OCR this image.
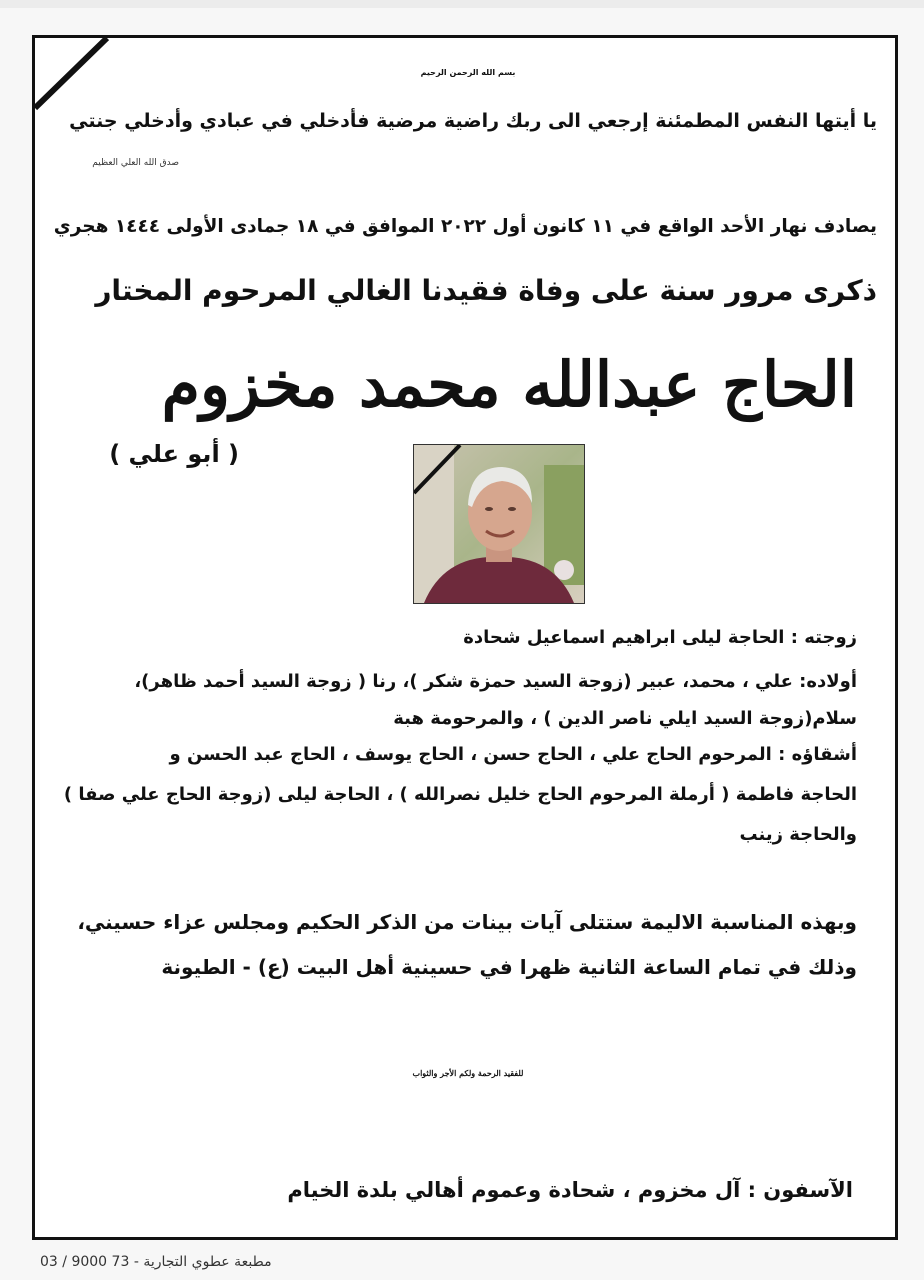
بسم الله الرحمن الرحيم
يا أيتها النفس المطمئنة إرجعي الى ربك راضية مرضية فأدخلي في عبادي وأدخلي جنتي
صدق الله العلي العظيم
يصادف نهار الأحد الواقع في ١١ كانون أول ٢٠٢٢ الموافق في ١٨ جمادى الأولى ١٤٤٤ هجري
ذكرى مرور سنة على وفاة فقيدنا الغالي المرحوم المختار
الحاج عبدالله محمد مخزوم
( أبو علي )
زوجته : الحاجة ليلى ابراهيم اسماعيل شحادة
أولاده: علي ، محمد، عبير (زوجة السيد حمزة شكر )، رنا ( زوجة السيد أحمد ظاهر)،
سلام(زوجة السيد ايلي ناصر الدين ) ، والمرحومة هبة
أشقاؤه : المرحوم الحاج علي ، الحاج حسن ، الحاج يوسف ، الحاج عبد الحسن و
الحاجة فاطمة ( أرملة المرحوم الحاج خليل نصرالله ) ، الحاجة ليلى (زوجة الحاج علي صفا )
والحاجة زينب
وبهذه المناسبة الاليمة ستتلى آيات بينات من الذكر الحكيم ومجلس عزاء حسيني،
وذلك في تمام الساعة الثانية ظهرا في حسينية أهل البيت (ع) - الطيونة
للفقيد الرحمة ولكم الأجر والثواب
الآسفون : آل مخزوم ، شحادة وعموم أهالي بلدة الخيام
مطبعة عطوي التجارية - 73 9000 / 03
